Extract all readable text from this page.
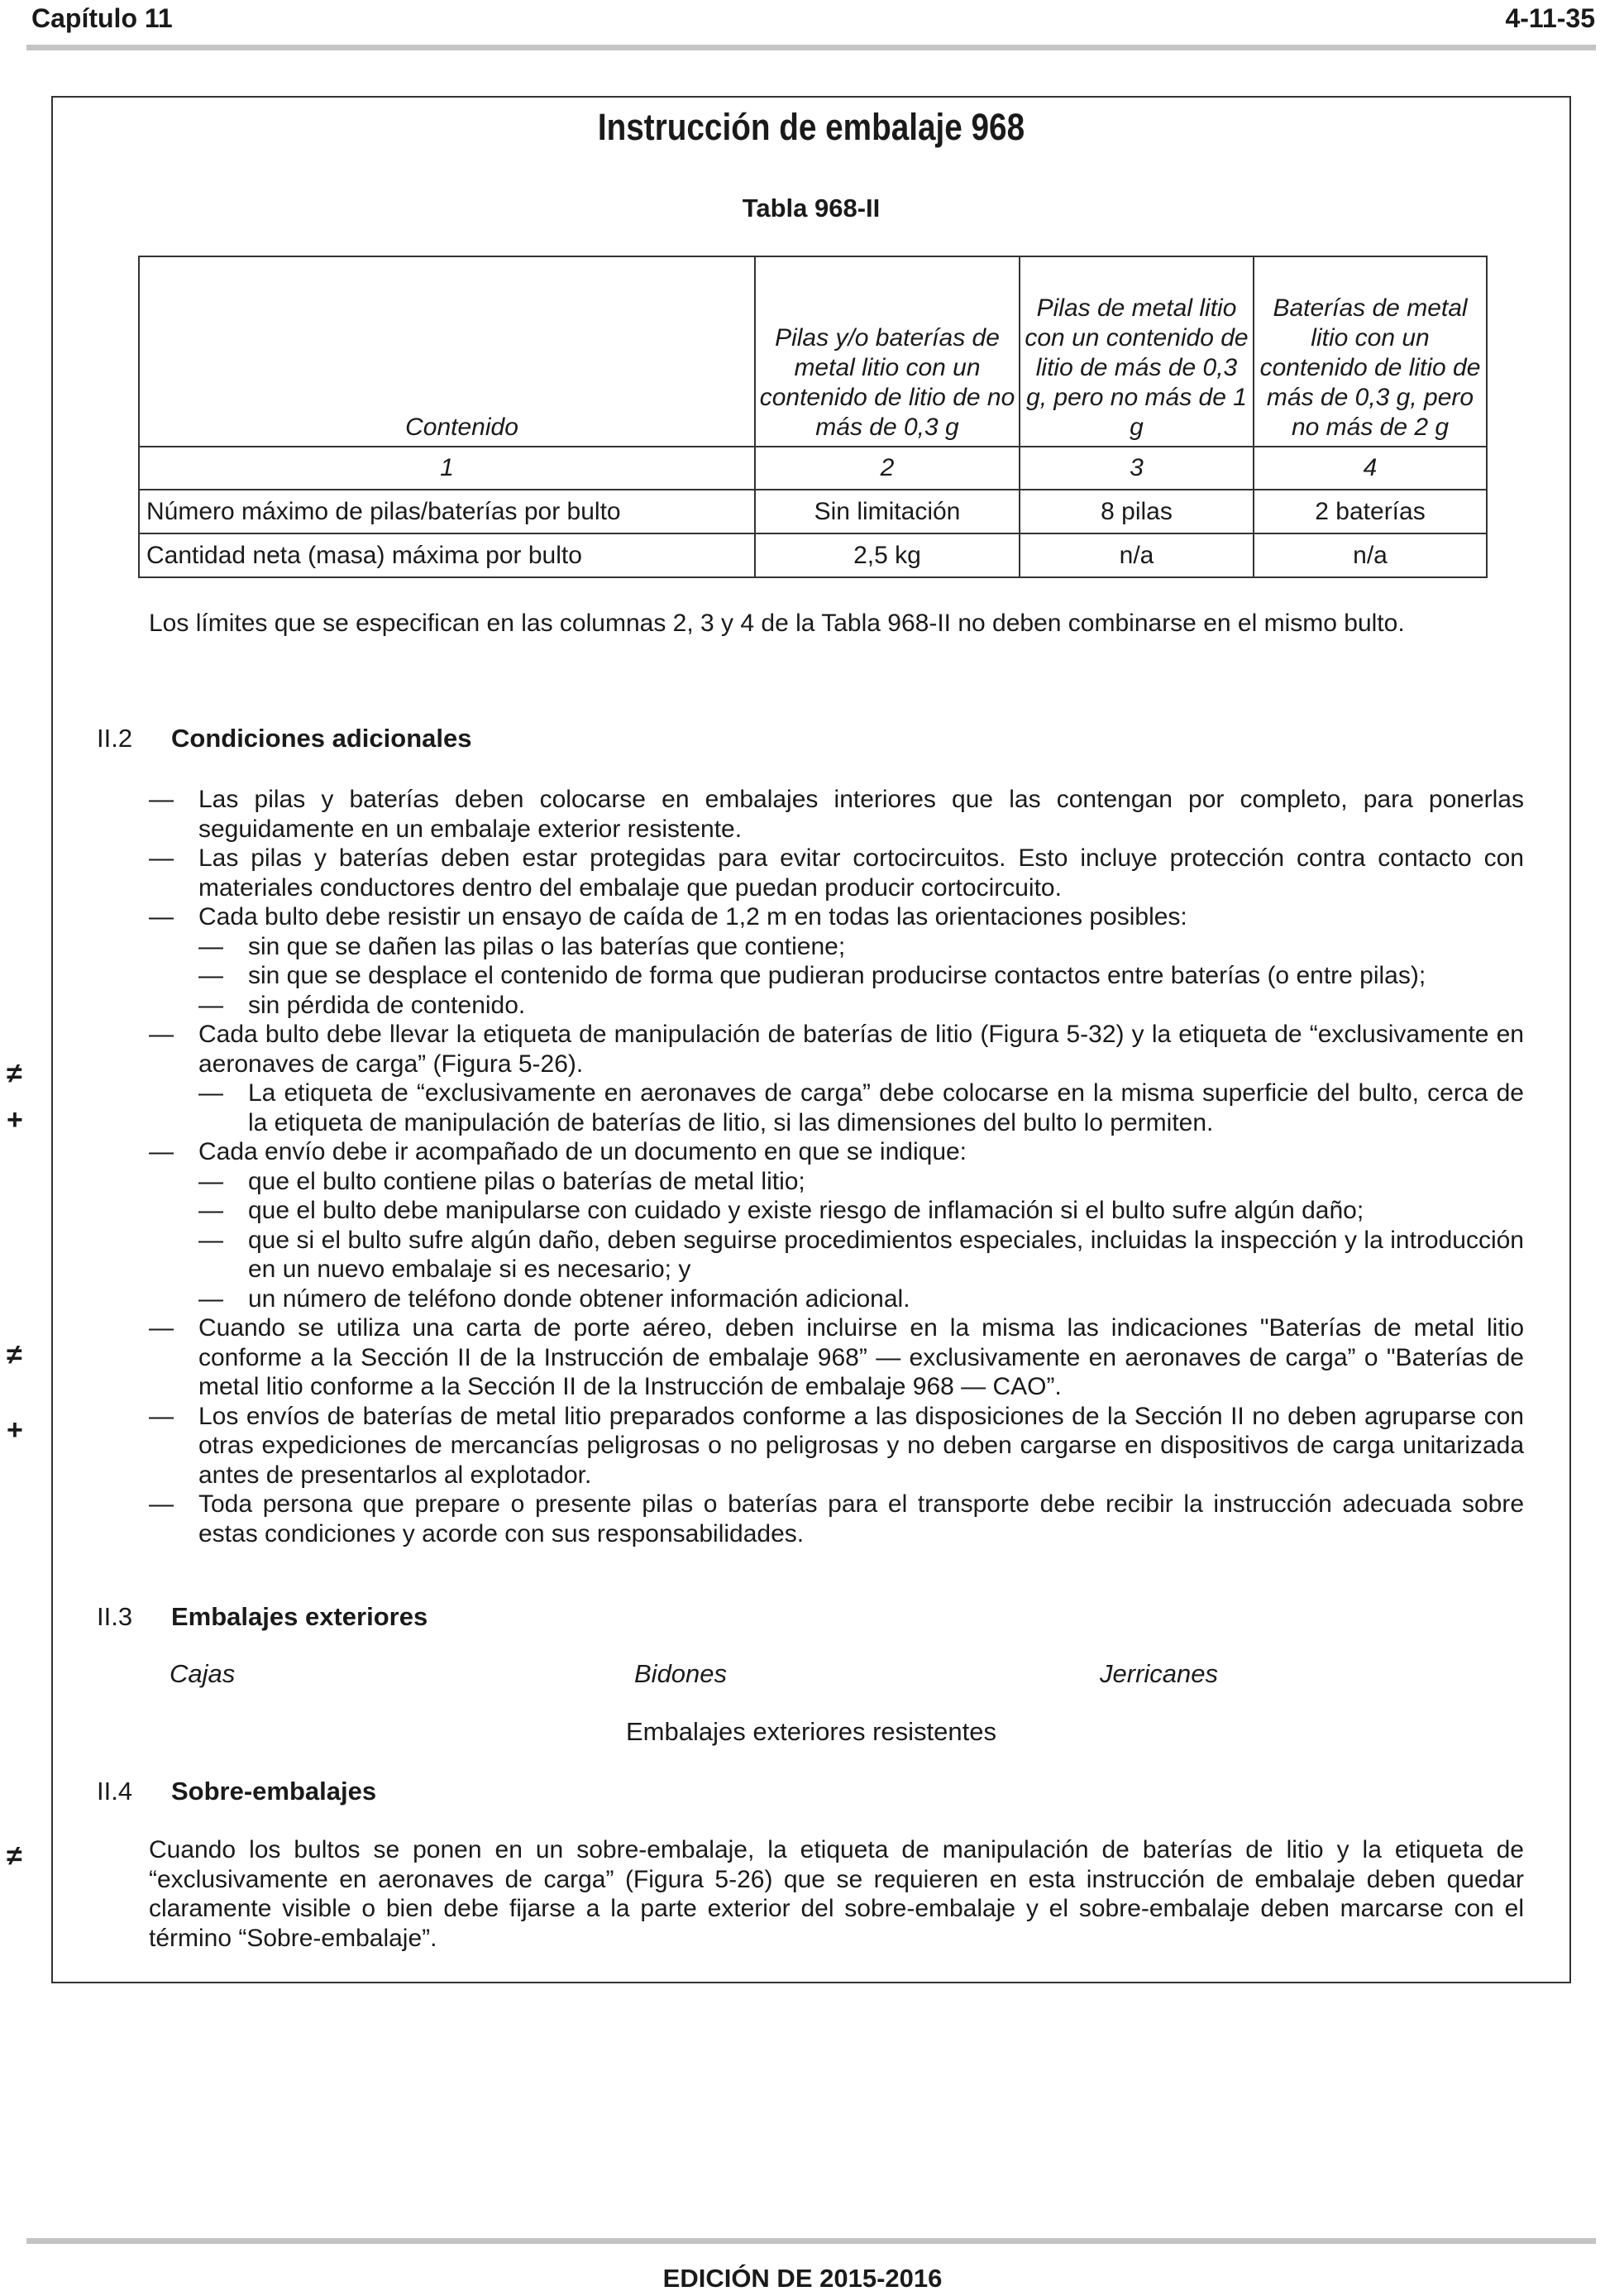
Capítulo 11	4-11-35
Instrucción de embalaje 968
Tabla 968-II
Contenido	Pilas y/o baterías de metal litio con un contenido de litio de no más de 0,3 g	Pilas de metal litio con un contenido de litio de más de 0,3 g, pero no más de 1 g	Baterías de metal litio con un contenido de litio de más de 0,3 g, pero no más de 2 g
1	2	3	4
Número máximo de pilas/baterías por bulto	Sin limitación	8 pilas	2 baterías
Cantidad neta (masa) máxima por bulto	2,5 kg	n/a	n/a
Los límites que se especifican en las columnas 2, 3 y 4 de la Tabla 968-II no deben combinarse en el mismo bulto.
II.2 Condiciones adicionales
— Las pilas y baterías deben colocarse en embalajes interiores que las contengan por completo, para ponerlas seguidamente en un embalaje exterior resistente.
— Las pilas y baterías deben estar protegidas para evitar cortocircuitos. Esto incluye protección contra contacto con materiales conductores dentro del embalaje que puedan producir cortocircuito.
— Cada bulto debe resistir un ensayo de caída de 1,2 m en todas las orientaciones posibles:
— sin que se dañen las pilas o las baterías que contiene;
— sin que se desplace el contenido de forma que pudieran producirse contactos entre baterías (o entre pilas);
— sin pérdida de contenido.
— Cada bulto debe llevar la etiqueta de manipulación de baterías de litio (Figura 5-32) y la etiqueta de “exclusivamente en aeronaves de carga” (Figura 5-26).
— La etiqueta de “exclusivamente en aeronaves de carga” debe colocarse en la misma superficie del bulto, cerca de la etiqueta de manipulación de baterías de litio, si las dimensiones del bulto lo permiten.
— Cada envío debe ir acompañado de un documento en que se indique:
— que el bulto contiene pilas o baterías de metal litio;
— que el bulto debe manipularse con cuidado y existe riesgo de inflamación si el bulto sufre algún daño;
— que si el bulto sufre algún daño, deben seguirse procedimientos especiales, incluidas la inspección y la introducción en un nuevo embalaje si es necesario; y
— un número de teléfono donde obtener información adicional.
— Cuando se utiliza una carta de porte aéreo, deben incluirse en la misma las indicaciones "Baterías de metal litio conforme a la Sección II de la Instrucción de embalaje 968” — exclusivamente en aeronaves de carga” o "Baterías de metal litio conforme a la Sección II de la Instrucción de embalaje 968 — CAO”.
— Los envíos de baterías de metal litio preparados conforme a las disposiciones de la Sección II no deben agruparse con otras expediciones de mercancías peligrosas o no peligrosas y no deben cargarse en dispositivos de carga unitarizada antes de presentarlos al explotador.
— Toda persona que prepare o presente pilas o baterías para el transporte debe recibir la instrucción adecuada sobre estas condiciones y acorde con sus responsabilidades.
≠
+
≠
+
≠
II.3 Embalajes exteriores
Cajas	Bidones	Jerricanes
Embalajes exteriores resistentes
II.4 Sobre-embalajes
Cuando los bultos se ponen en un sobre-embalaje, la etiqueta de manipulación de baterías de litio y la etiqueta de “exclusivamente en aeronaves de carga” (Figura 5-26) que se requieren en esta instrucción de embalaje deben quedar claramente visible o bien debe fijarse a la parte exterior del sobre-embalaje y el sobre-embalaje deben marcarse con el término “Sobre-embalaje”.
EDICIÓN DE 2015-2016
